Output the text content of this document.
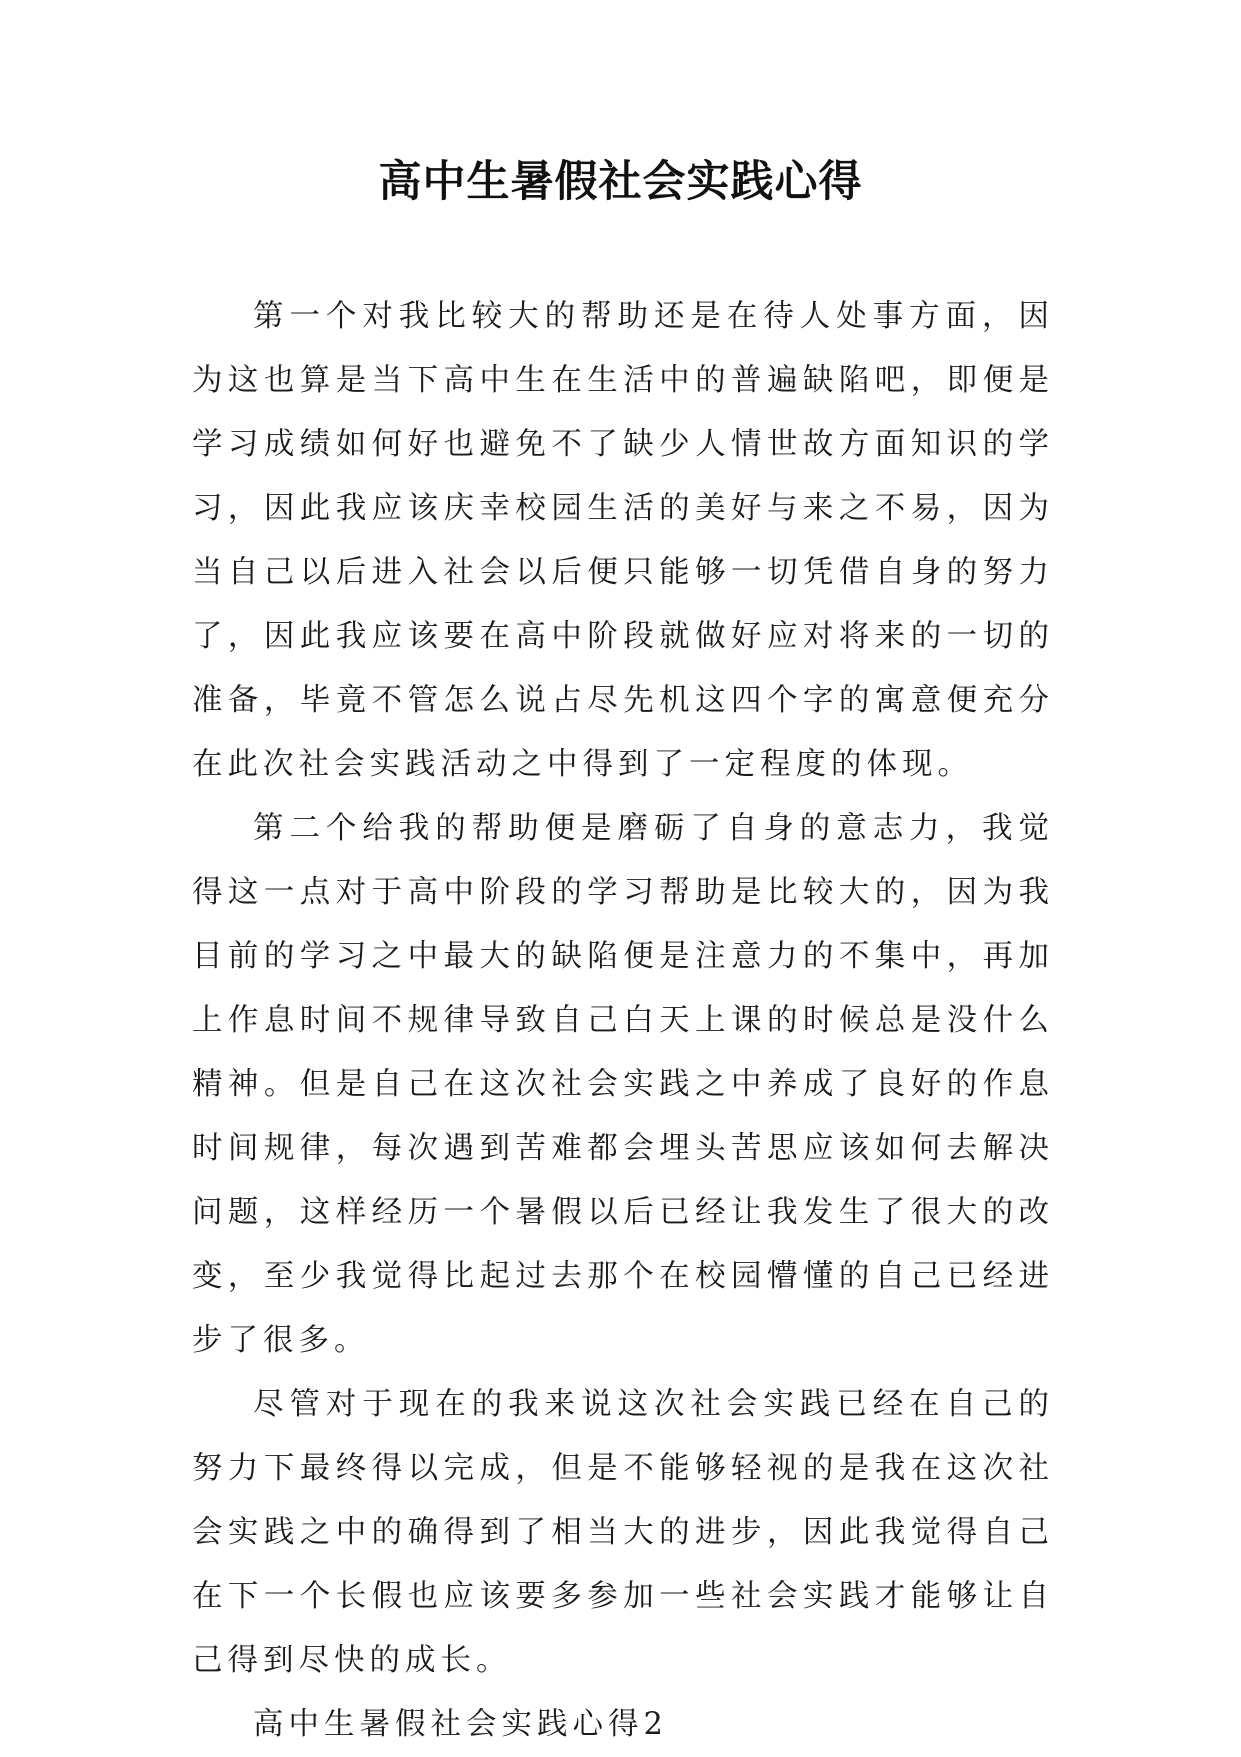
高中生暑假社会实践心得

第一个对我比较大的帮助还是在待人处事方面，因为这也算是当下高中生在生活中的普遍缺陷吧，即便是学习成绩如何好也避免不了缺少人情世故方面知识的学习，因此我应该庆幸校园生活的美好与来之不易，因为当自己以后进入社会以后便只能够一切凭借自身的努力了，因此我应该要在高中阶段就做好应对将来的一切的准备，毕竟不管怎么说占尽先机这四个字的寓意便充分在此次社会实践活动之中得到了一定程度的体现。

第二个给我的帮助便是磨砺了自身的意志力，我觉得这一点对于高中阶段的学习帮助是比较大的，因为我目前的学习之中最大的缺陷便是注意力的不集中，再加上作息时间不规律导致自己白天上课的时候总是没什么精神。但是自己在这次社会实践之中养成了良好的作息时间规律，每次遇到苦难都会埋头苦思应该如何去解决问题，这样经历一个暑假以后已经让我发生了很大的改变，至少我觉得比起过去那个在校园懵懂的自己已经进步了很多。

尽管对于现在的我来说这次社会实践已经在自己的努力下最终得以完成，但是不能够轻视的是我在这次社会实践之中的确得到了相当大的进步，因此我觉得自己在下一个长假也应该要多参加一些社会实践才能够让自己得到尽快的成长。

高中生暑假社会实践心得2
